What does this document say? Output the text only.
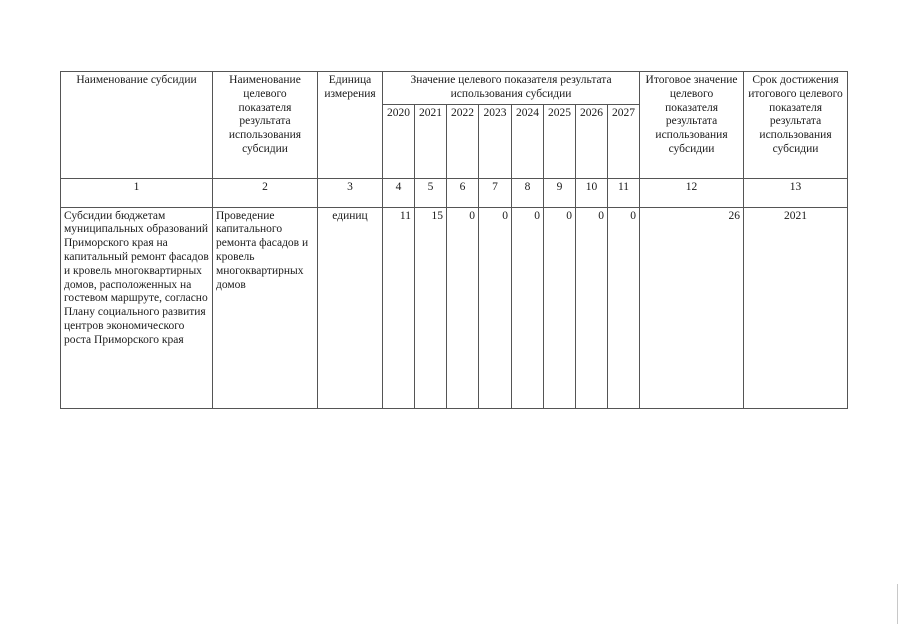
Наименование субсидии	Наименование целевого показателя результата использования субсидии	Единица измерения	Значение целевого показателя результата использования субсидии								Итоговое значение целевого показателя результата использования субсидии	Срок достижения итогового целевого показателя результата использования субсидии
			2020	2021	2022	2023	2024	2025	2026	2027		
1	2	3	4	5	6	7	8	9	10	11	12	13
Субсидии бюджетам муниципальных образований Приморского края на капитальный ремонт фасадов и кровель многоквартирных домов, расположенных на гостевом маршруте, согласно Плану социального развития центров экономического роста Приморского края	Проведение капитального ремонта фасадов и кровель многоквартирных домов	единиц	11	15	0	0	0	0	0	0	26	2021
